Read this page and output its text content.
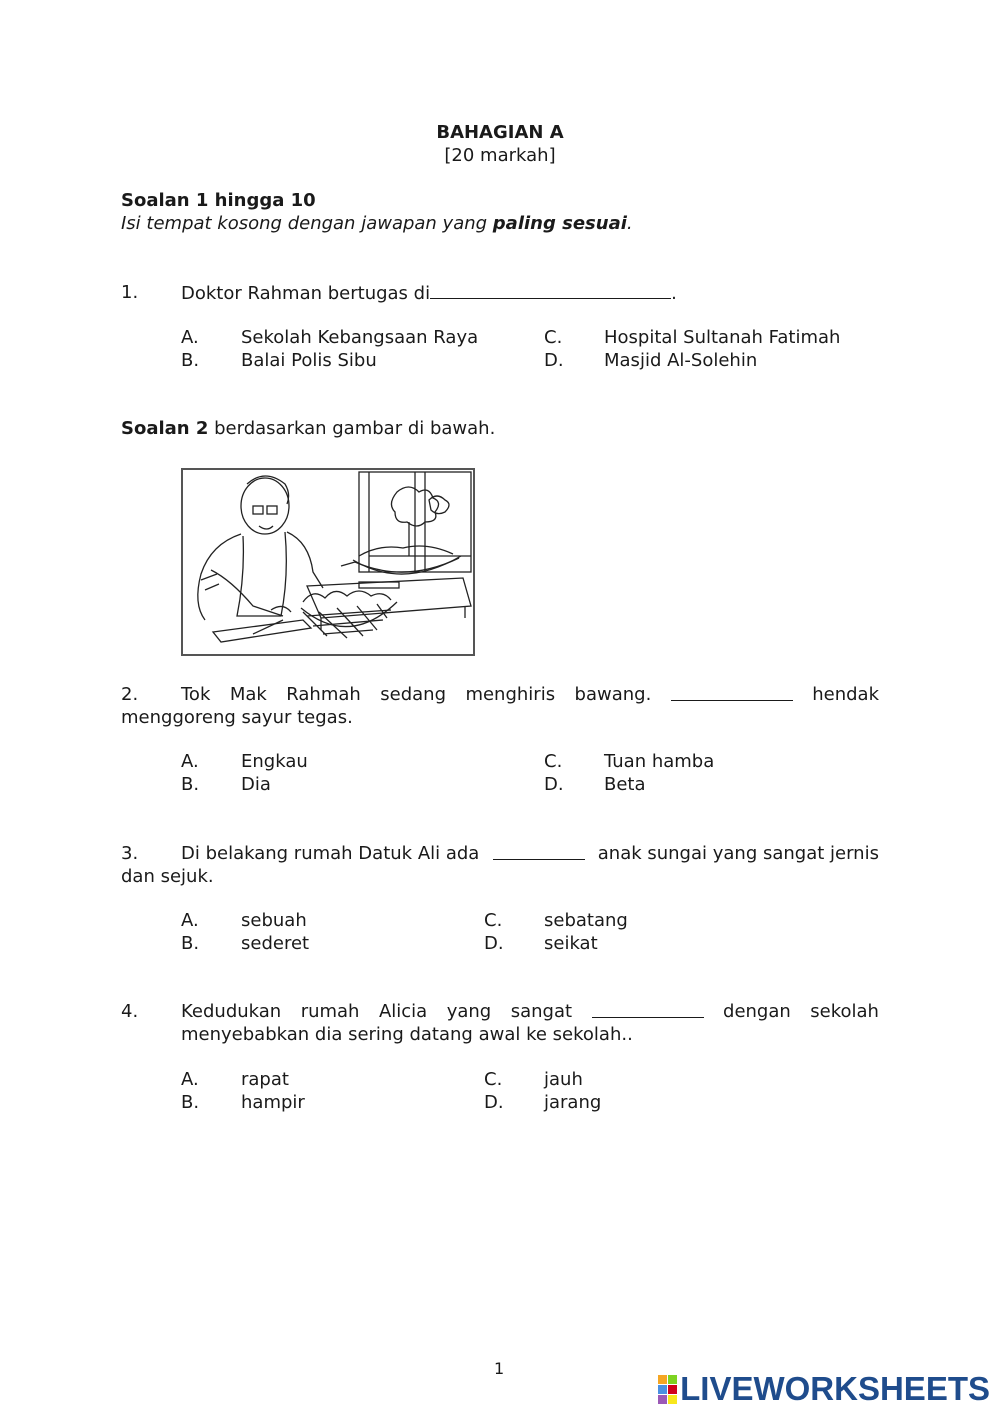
BAHAGIAN A
[20 markah]
Soalan 1 hingga 10
Isi tempat kosong dengan jawapan yang paling sesuai.
1. Doktor Rahman bertugas di	.
A. Sekolah Kebangsaan Raya
B. Balai Polis Sibu
C. Hospital Sultanah Fatimah
D. Masjid Al-Solehin
Soalan 2 berdasarkan gambar di bawah.
2. Tok Mak Rahmah sedang menghiris bawang.	hendak
menggoreng sayur tegas.
A. Engkau
B. Dia
C. Tuan hamba
D. Beta
3. Di belakang rumah Datuk Ali ada	anak sungai yang sangat jernis
dan sejuk.
A. sebuah
B. sederet
C. sebatang
D. seikat
4. Kedudukan rumah Alicia yang sangat	dengan sekolah
menyebabkan dia sering datang awal ke sekolah..
A. rapat
B. hampir
C. jauh
D. jarang
1
LIVEWORKSHEETS
